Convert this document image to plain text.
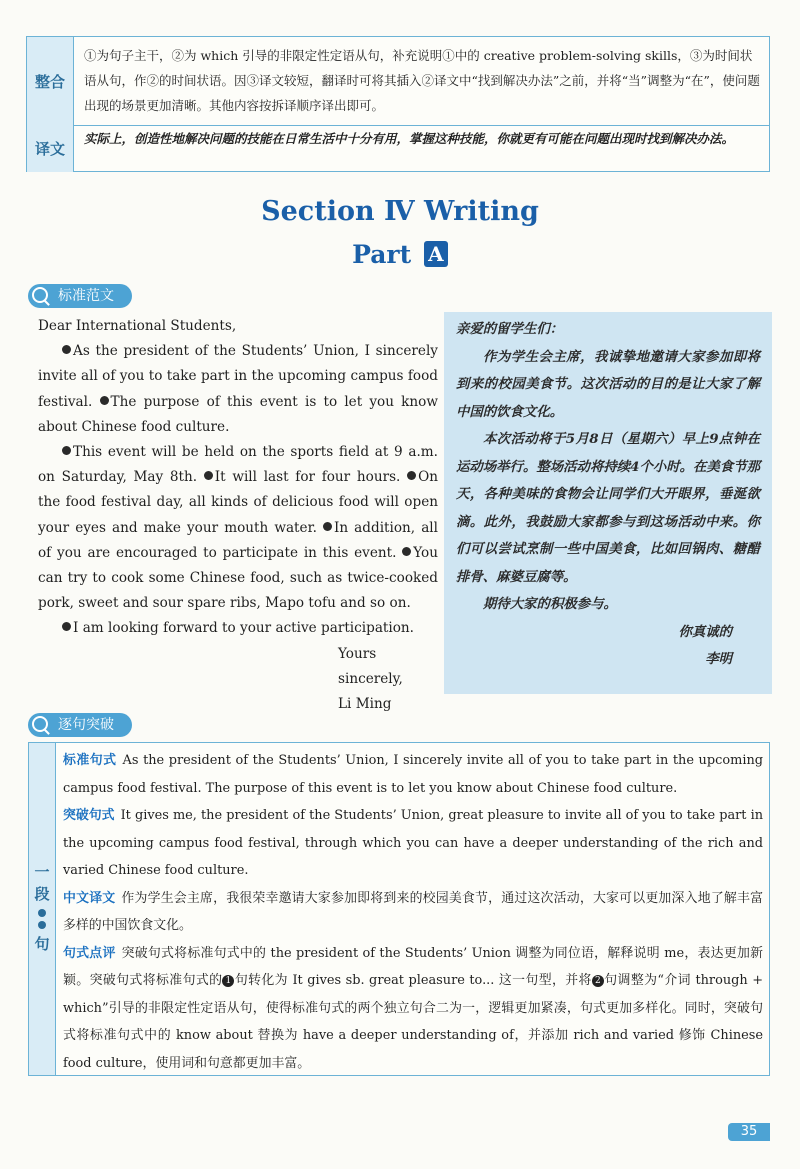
整合
①为句子主干，②为 which 引导的非限定性定语从句，补充说明①中的 creative problem-solving skills，③为时间状语从句，作②的时间状语。因③译文较短，翻译时可将其插入②译文中“找到解决办法”之前，并将“当”调整为“在”，使问题出现的场景更加清晰。其他内容按拆译顺序译出即可。
译文
实际上，创造性地解决问题的技能在日常生活中十分有用，掌握这种技能，你就更有可能在问题出现时找到解决办法。
Section Ⅳ Writing
Part A
标准范文

Dear International Students,

As the president of the Students’ Union, I sincerely invite all of you to take part in the upcoming campus food festival. The purpose of this event is to let you know about Chinese food culture.

This event will be held on the sports field at 9 a.m. on Saturday, May 8th. It will last for four hours. On the food festival day, all kinds of delicious food will open your eyes and make your mouth water. In addition, all of you are encouraged to participate in this event. You can try to cook some Chinese food, such as twice-cooked pork, sweet and sour spare ribs, Mapo tofu and so on.

I am looking forward to your active participation.

Yours sincerely,

Li Ming

亲爱的留学生们：

作为学生会主席，我诚挚地邀请大家参加即将到来的校园美食节。这次活动的目的是让大家了解中国的饮食文化。

本次活动将于5月8日（星期六）早上9点钟在运动场举行。整场活动将持续4个小时。在美食节那天，各种美味的食物会让同学们大开眼界，垂涎欲滴。此外，我鼓励大家都参与到这场活动中来。你们可以尝试烹制一些中国美食，比如回锅肉、糖醋排骨、麻婆豆腐等。

期待大家的积极参与。

你真诚的

李明

逐句突破
一
段
句

标准句式 As the president of the Students’ Union, I sincerely invite all of you to take part in the upcoming campus food festival. The purpose of this event is to let you know about Chinese food culture.

突破句式 It gives me, the president of the Students’ Union, great pleasure to invite all of you to take part in the upcoming campus food festival, through which you can have a deeper understanding of the rich and varied Chinese food culture.

中文译文 作为学生会主席，我很荣幸邀请大家参加即将到来的校园美食节，通过这次活动，大家可以更加深入地了解丰富多样的中国饮食文化。

句式点评 突破句式将标准句式中的 the president of the Students’ Union 调整为同位语，解释说明 me，表达更加新颖。突破句式将标准句式的 1 句转化为 It gives sb. great pleasure to... 这一句型，并将 2 句调整为“介词 through + which”引导的非限定性定语从句，使得标准句式的两个独立句合二为一，逻辑更加紧凑，句式更加多样化。同时，突破句式将标准句式中的 know about 替换为 have a deeper understanding of，并添加 rich and varied 修饰 Chinese food culture，使用词和句意都更加丰富。

35
